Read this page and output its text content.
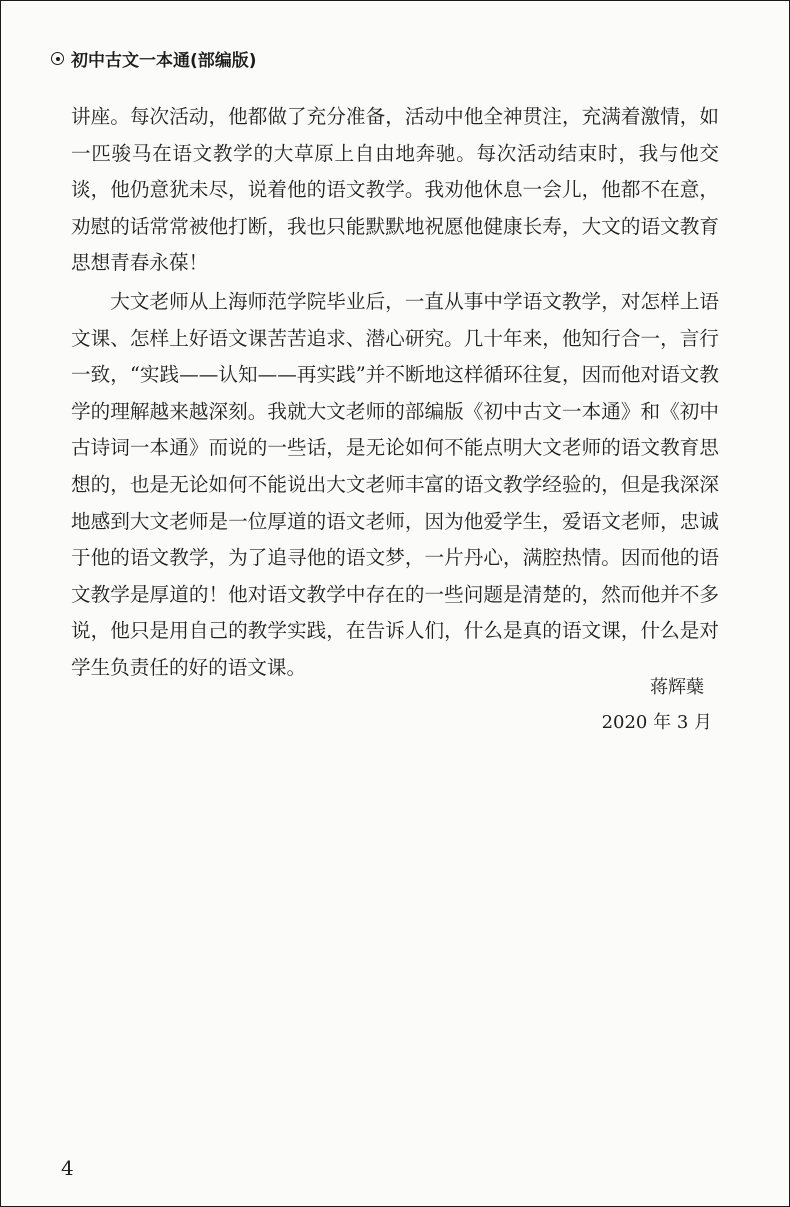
初中古文一本通(部编版)

讲座。每次活动，他都做了充分准备，活动中他全神贯注，充满着激情，如一匹骏马在语文教学的大草原上自由地奔驰。每次活动结束时，我与他交谈，他仍意犹未尽，说着他的语文教学。我劝他休息一会儿，他都不在意，劝慰的话常常被他打断，我也只能默默地祝愿他健康长寿，大文的语文教育思想青春永葆！

大文老师从上海师范学院毕业后，一直从事中学语文教学，对怎样上语文课、怎样上好语文课苦苦追求、潜心研究。几十年来，他知行合一，言行一致，“实践——认知——再实践”并不断地这样循环往复，因而他对语文教学的理解越来越深刻。我就大文老师的部编版《初中古文一本通》和《初中古诗词一本通》而说的一些话，是无论如何不能点明大文老师的语文教育思想的，也是无论如何不能说出大文老师丰富的语文教学经验的，但是我深深地感到大文老师是一位厚道的语文老师，因为他爱学生，爱语文老师，忠诚于他的语文教学，为了追寻他的语文梦，一片丹心，满腔热情。因而他的语文教学是厚道的！他对语文教学中存在的一些问题是清楚的，然而他并不多说，他只是用自己的教学实践，在告诉人们，什么是真的语文课，什么是对学生负责任的好的语文课。

蒋辉蘖
2020 年 3 月
4
